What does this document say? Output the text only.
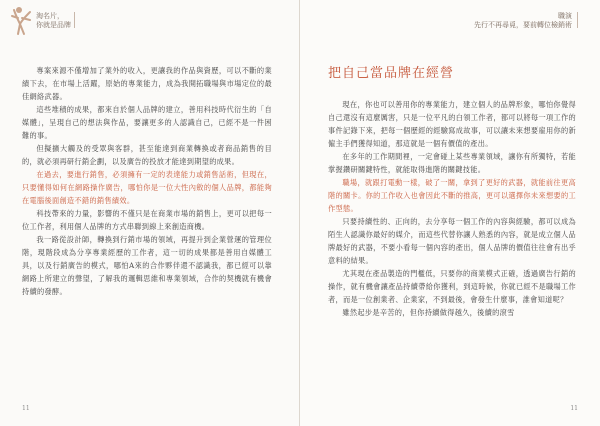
淘名片，
你就是品牌

專案來源不僅增加了業外的收入，更讓我的作品與資歷，可以不斷的業績下去，在市場上活躍，原始的專業能力，成為我開拓職場與市場定位的最佳網絡武器。

這些堆積的成果，都來自於個人品牌的建立，善用科技時代衍生的「自媒體」，呈現自己的想法與作品，要讓更多的人認識自己，已經不是一件困難的事。

但擬擴大觸及的受眾與客群，甚至能達到商業轉換或者商品銷售的目的，就必須再研行銷企劃，以及廣告的投放才能達到期望的成果。

在過去，要進行銷售，必須擁有一定的表達能力或銷售話術，但現在，只要懂得如何在網路操作廣告，哪怕你是一位大性內斂的個人品牌，都能夠在電腦後面創造不錯的銷售績效。

科技帶來的力量，影響的不僅只是在商業市場的銷售上，更可以把每一位工作者，利用個人品牌的方式串聯到線上來創造商機。

我一路從設計師，轉換到行銷市場的領域，再提升到企業營運的管理位階，現階段成為分享專業經歷的工作者，這一切的成果都是善用自媒體工具，以及行銷廣告的模式，哪怕A來的合作夥伴還不認識我，都已經可以靠網路上所建立的聲望，了解我的邏輯思維和專業領域，合作的契機就有機會持續的發酵。

11
職演
先行不再尋覓，要前轉位檢銷術
把自己當品牌在經營

現在，你也可以善用你的專業能力，建立個人的品牌形象，哪怕你覺得自己還沒有這麼厲害，只是一位平凡的白領工作者，都可以將每一項工作的事件記錄下來，把每一個歷經的經驗寫成故事，可以讓未來想要雇用你的新僱主手們獲得知道，那這就是一個有價值的產出。

在多年的工作期間裡，一定會碰上某些專業領域，讓你有所獨特，若能掌握鑽研關鍵特性，就能取得進階的關鍵技能。

職場，就跟打電動一樣，破了一關，拿到了更好的武器，就能前往更高階的關卡。你的工作收入也會因此不斷的推高，更可以選擇你未來想要的工作型態。

只要持續性的、正向的，去分享每一個工作的內容與經驗，都可以成為陌生人認識你最好的媒介，而這些代替你讓人熟悉的內容，就是成立個人品牌最好的武器，不要小看每一個內容的產出，個人品牌的價值往往會有出乎意料的結果。

尤其現在產品製造的門檻低，只要你的商業模式正確，透過廣告行銷的操作，就有機會讓產品持續帶給你獲利，到這時候，你就已經不是職場工作者，而是一位創業者、企業家，不到最後，會發生什麼事，誰會知道呢？

雖然起步是辛苦的，但你持續做得越久，後續的滾雪

11
